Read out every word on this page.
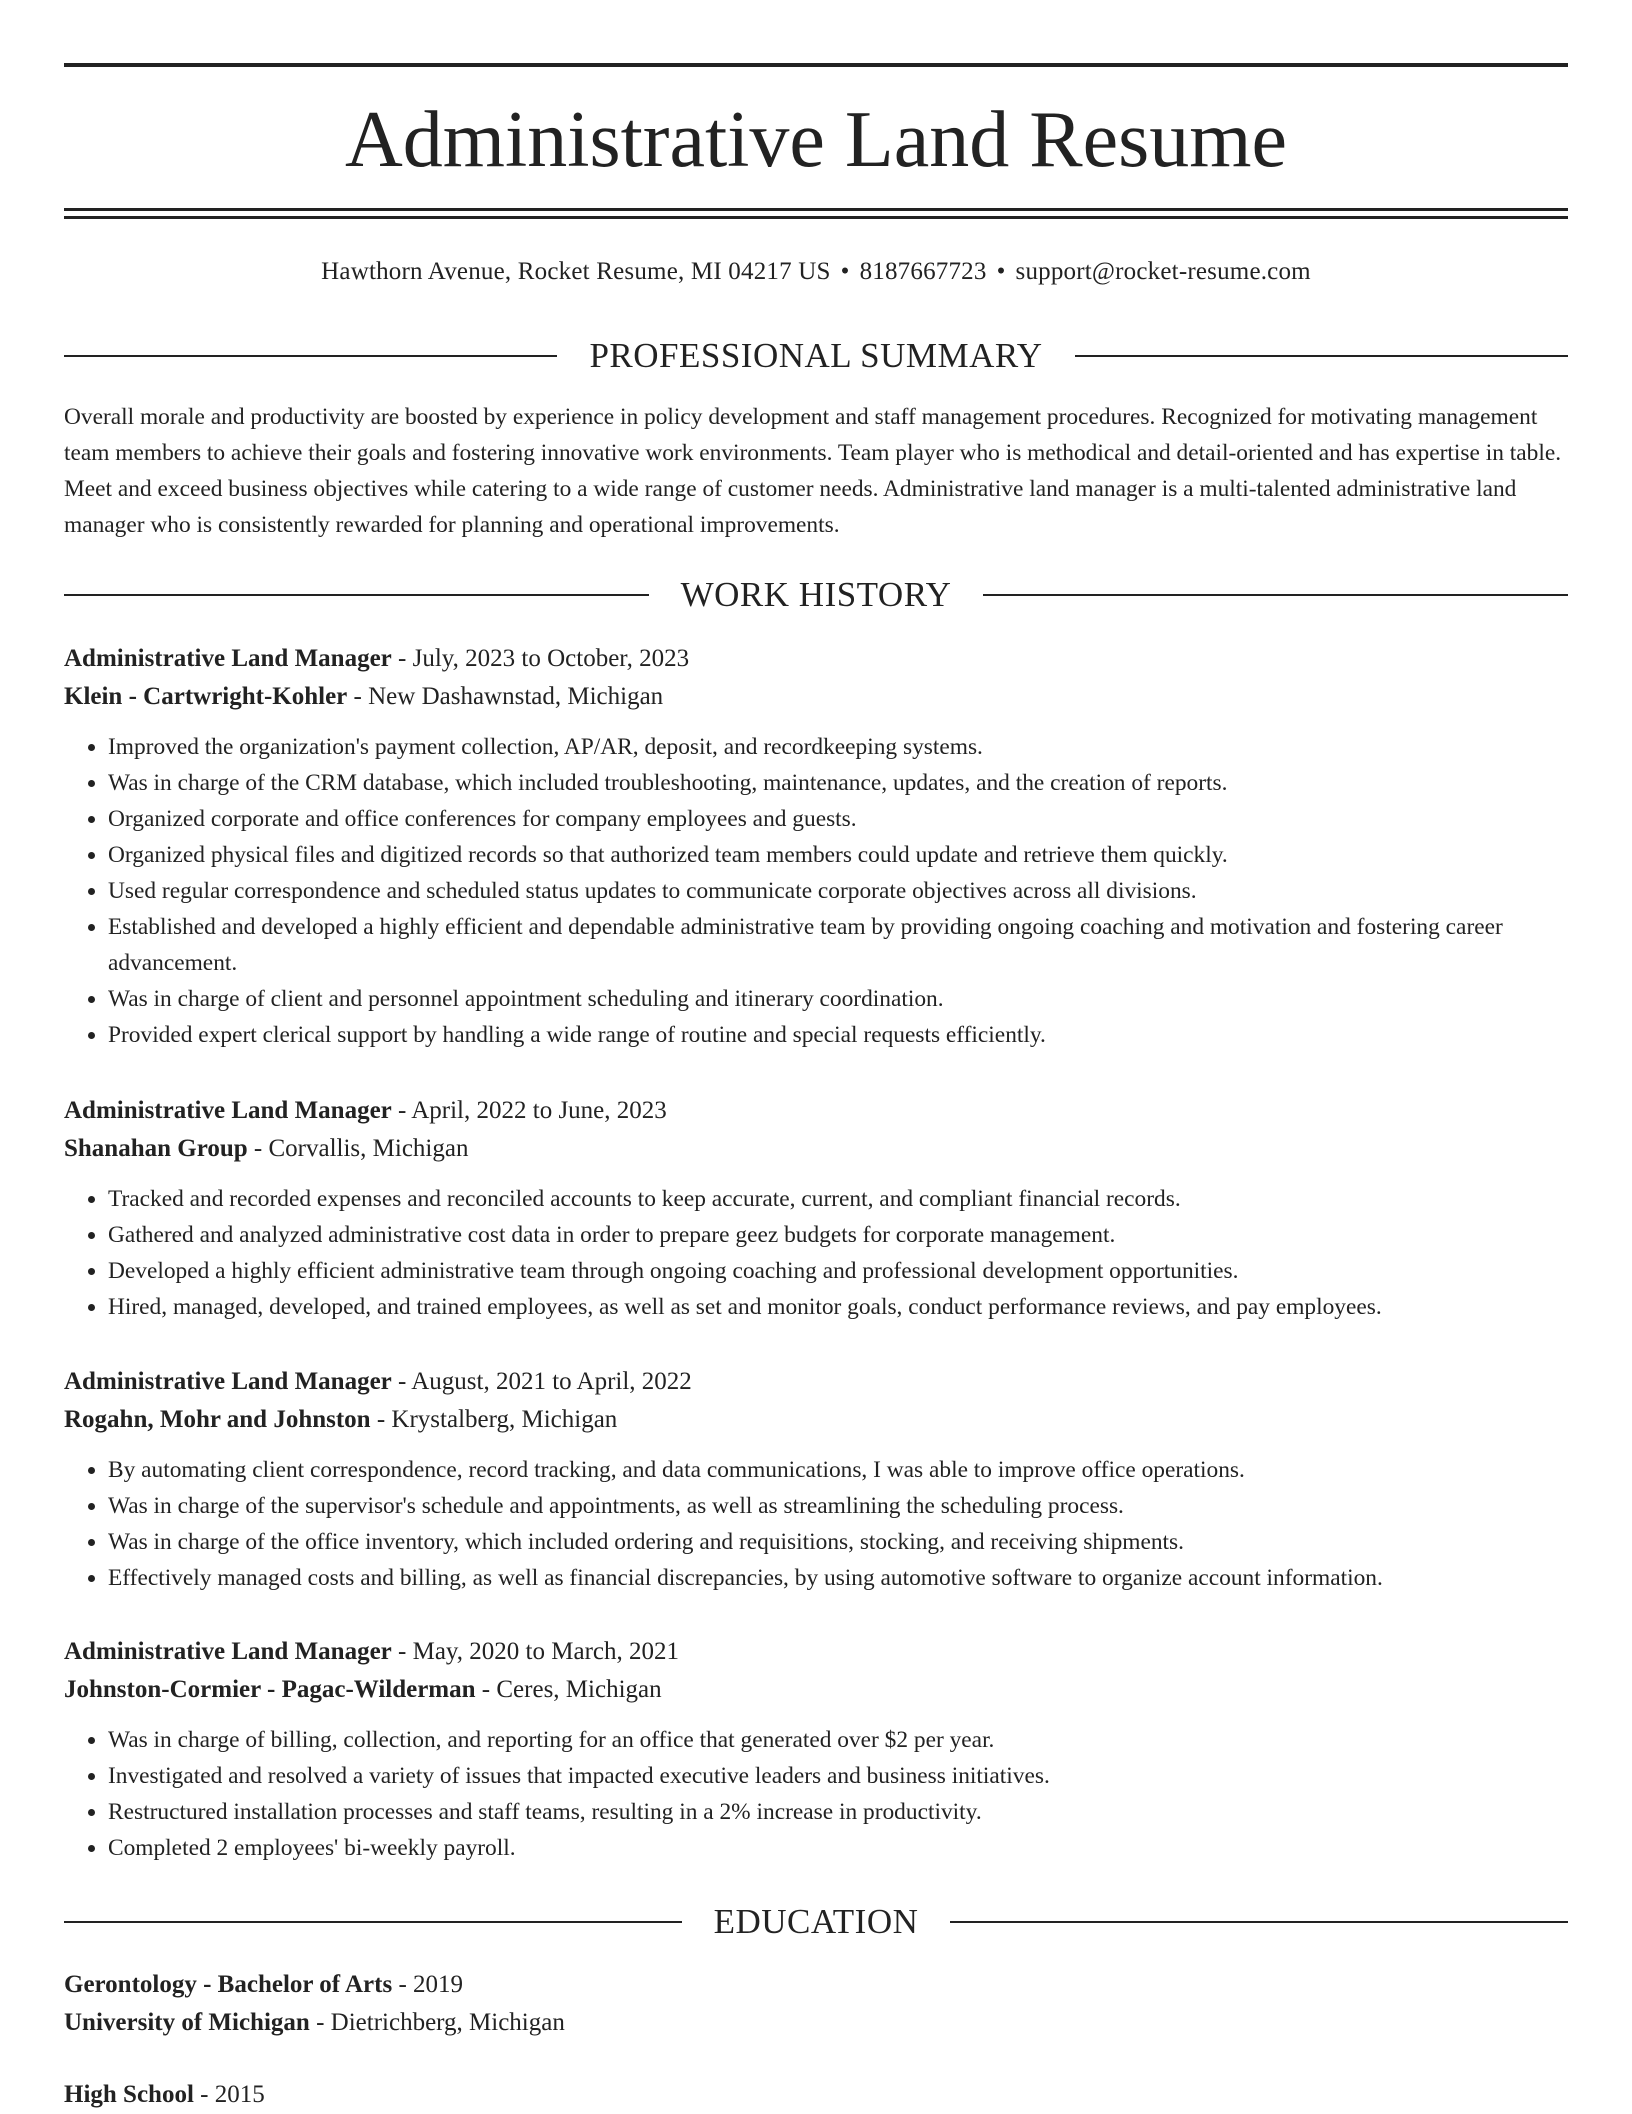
Administrative Land Resume
Hawthorn Avenue, Rocket Resume, MI 04217 US • 8187667723 • support@rocket-resume.com
PROFESSIONAL SUMMARY

Overall morale and productivity are boosted by experience in policy development and staff management procedures. Recognized for motivating management team members to achieve their goals and fostering innovative work environments. Team player who is methodical and detail-oriented and has expertise in table. Meet and exceed business objectives while catering to a wide range of customer needs. Administrative land manager is a multi-talented administrative land manager who is consistently rewarded for planning and operational improvements.

WORK HISTORY
Administrative Land Manager - July, 2023 to October, 2023
Klein - Cartwright-Kohler - New Dashawnstad, Michigan
• Improved the organization's payment collection, AP/AR, deposit, and recordkeeping systems.
• Was in charge of the CRM database, which included troubleshooting, maintenance, updates, and the creation of reports.
• Organized corporate and office conferences for company employees and guests.
• Organized physical files and digitized records so that authorized team members could update and retrieve them quickly.
• Used regular correspondence and scheduled status updates to communicate corporate objectives across all divisions.
• Established and developed a highly efficient and dependable administrative team by providing ongoing coaching and motivation and fostering career advancement.
• Was in charge of client and personnel appointment scheduling and itinerary coordination.
• Provided expert clerical support by handling a wide range of routine and special requests efficiently.
Administrative Land Manager - April, 2022 to June, 2023
Shanahan Group - Corvallis, Michigan
• Tracked and recorded expenses and reconciled accounts to keep accurate, current, and compliant financial records.
• Gathered and analyzed administrative cost data in order to prepare geez budgets for corporate management.
• Developed a highly efficient administrative team through ongoing coaching and professional development opportunities.
• Hired, managed, developed, and trained employees, as well as set and monitor goals, conduct performance reviews, and pay employees.
Administrative Land Manager - August, 2021 to April, 2022
Rogahn, Mohr and Johnston - Krystalberg, Michigan
• By automating client correspondence, record tracking, and data communications, I was able to improve office operations.
• Was in charge of the supervisor's schedule and appointments, as well as streamlining the scheduling process.
• Was in charge of the office inventory, which included ordering and requisitions, stocking, and receiving shipments.
• Effectively managed costs and billing, as well as financial discrepancies, by using automotive software to organize account information.
Administrative Land Manager - May, 2020 to March, 2021
Johnston-Cormier - Pagac-Wilderman - Ceres, Michigan
• Was in charge of billing, collection, and reporting for an office that generated over $2 per year.
• Investigated and resolved a variety of issues that impacted executive leaders and business initiatives.
• Restructured installation processes and staff teams, resulting in a 2% increase in productivity.
• Completed 2 employees' bi-weekly payroll.
EDUCATION
Gerontology - Bachelor of Arts - 2019
University of Michigan - Dietrichberg, Michigan
High School - 2015
